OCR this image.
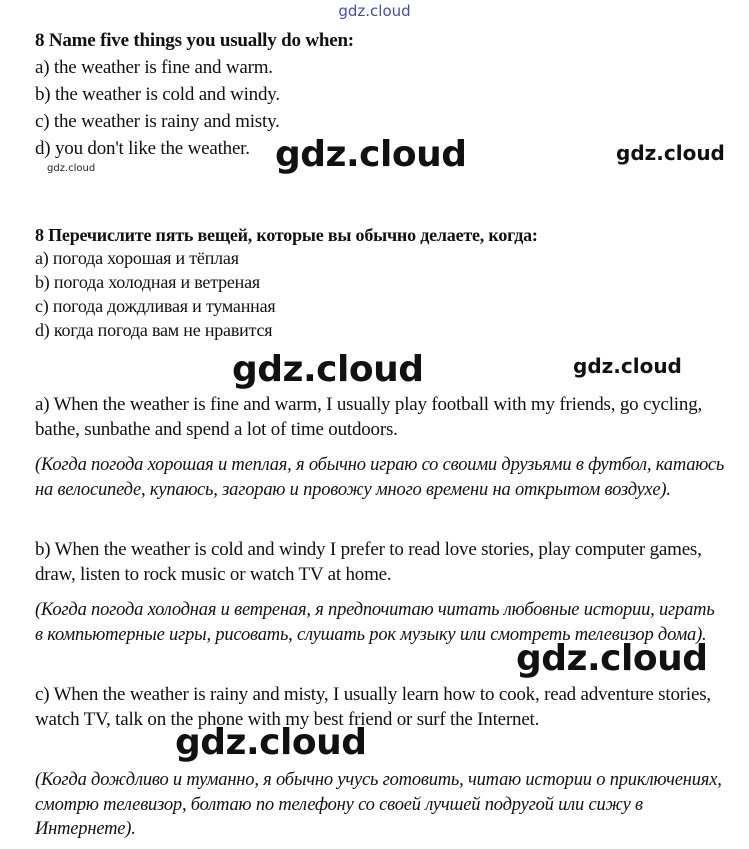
gdz.cloud
8 Name five things you usually do when:
a) the weather is fine and warm.
b) the weather is cold and windy.
c) the weather is rainy and misty.
d) you don't like the weather.
8 Перечислите пять вещей, которые вы обычно делаете, когда:
a) погода хорошая и тёплая
b) погода холодная и ветреная
c) погода дождливая и туманная
d) когда погода вам не нравится
a) When the weather is fine and warm, I usually play football with my friends, go cycling, bathe, sunbathe and spend a lot of time outdoors.
(Когда погода хорошая и теплая, я обычно играю со своими друзьями в футбол, катаюсь на велосипеде, купаюсь, загораю и провожу много времени на открытом воздухе).
b) When the weather is cold and windy I prefer to read love stories, play computer games, draw, listen to rock music or watch TV at home.
(Когда погода холодная и ветреная, я предпочитаю читать любовные истории, играть в компьютерные игры, рисовать, слушать рок музыку или смотреть телевизор дома).
c) When the weather is rainy and misty, I usually learn how to cook, read adventure stories, watch TV, talk on the phone with my best friend or surf the Internet.
(Когда дождливо и туманно, я обычно учусь готовить, читаю истории о приключениях, смотрю телевизор, болтаю по телефону со своей лучшей подругой или сижу в Интернете).
gdz.cloud	gdz.cloud
gdz.cloud
gdz.cloud	gdz.cloud
gdz.cloud
gdz.cloud
